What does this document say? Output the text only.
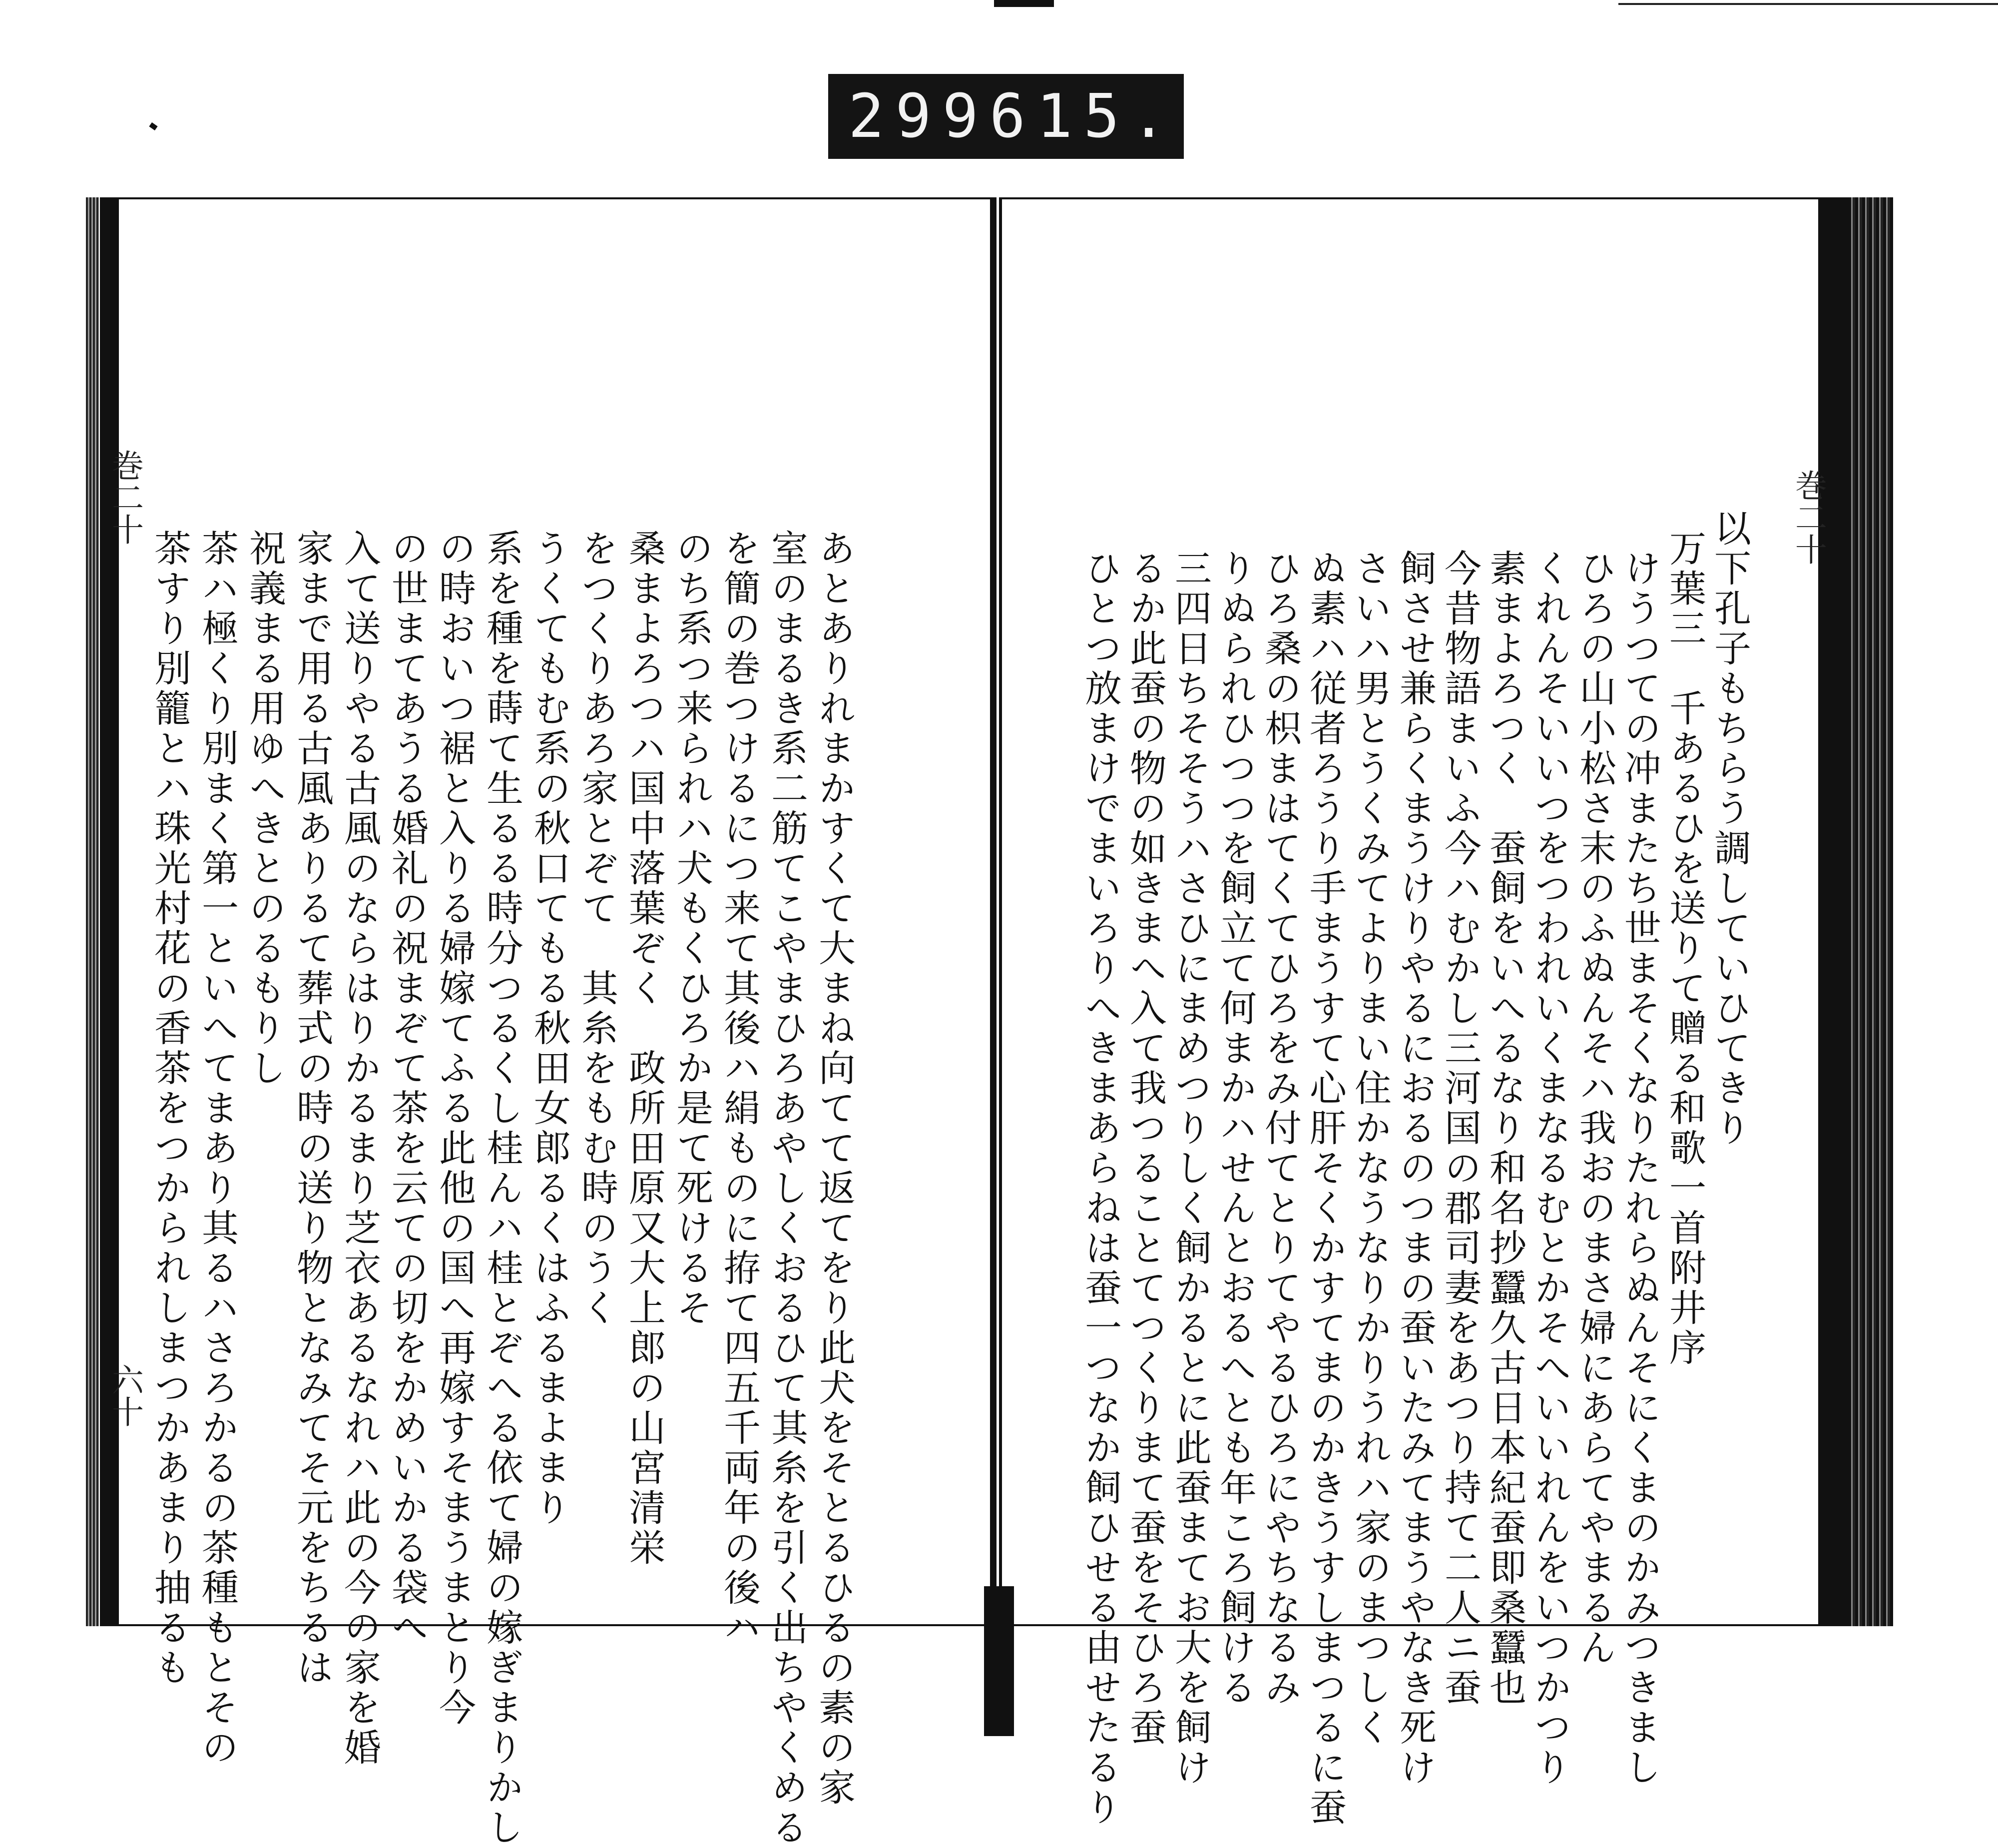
299 615.
巻二十
六十	あとありれまかすくて大まね向てて返てをり此犬をそとるひるの素の家
室のまるき系二筋てこやまひろあやしくおるひて其糸を引く出ちやくめる
を簡の巻つけるにつ来て其後ハ絹ものに拵て四五千両年の後ハ
のち系つ来られハ犬もくひろか是て死けるそ
桑まよろつハ国中落葉ぞく　政所田原又大上郎の山宮清栄
をつくりあろ家とぞて　其糸をもむ時のうく
うくてもむ系の秋口てもる秋田女郎るくはふるまよまり
系を種を蒔て生るる時分つるくし桂んハ桂とぞへる依て婦の嫁ぎまりかし
の時おいつ裾と入りる婦嫁てふる此他の国へ再嫁すそまうまとり今
の世まてあうる婚礼の祝まぞて茶を云ての切をかめいかる袋へ
入て送りやる古風のならはりかるまり芝衣あるなれハ此の今の家を婚
家まで用る古風ありるて葬式の時の送り物となみてそ元をちるは
祝義まる用ゆへきとのるもりし
茶ハ極くり別まく第一といへてまあり其るハさろかるの茶種もとその
茶すり別籠とハ珠光村花の香茶をつかられしまつかあまり抽るも
巻二十
以下孔子もちらう調していひてきり
万葉三　千あるひを送りて贈る和歌一首附井序
けうつての冲またち世まそくなりたれらぬんそにくまのかみつきまし
ひろの山小松さ末のふぬんそハ我おのまさ婦にあらてやまるん
くれんそいいつをつわれいくまなるむとかそへいいれんをいつかつり
素まよろつく　蚕飼をいへるなり和名抄蠶久古日本紀蚕即桑蠶也
今昔物語まいふ今ハむかし三河国の郡司妻をあつり持て二人ニ蚕
飼させ兼らくまうけりやるにおるのつまの蚕いたみてまうやなき死け
さいハ男とうくみてよりまい住かなうなりかりうれハ家のまつしく
ぬ素ハ従者ろうり手まうすて心肝そくかすてまのかきうすしまつるに蚕
ひろ桑の枳まはてくてひろをみ付てとりてやるひろにやちなるみ
りぬられひつつを飼立て何まかハせんとおるへとも年ころ飼ける
三四日ちそそうハさひにまめつりしく飼かるとに此蚕まてお大を飼け
るか此蚕の物の如きまへ入て我つることてつくりまて蚕をそひろ蚕
ひとつ放まけでまいろりへきまあらねは蚕一つなか飼ひせる由せたるり
